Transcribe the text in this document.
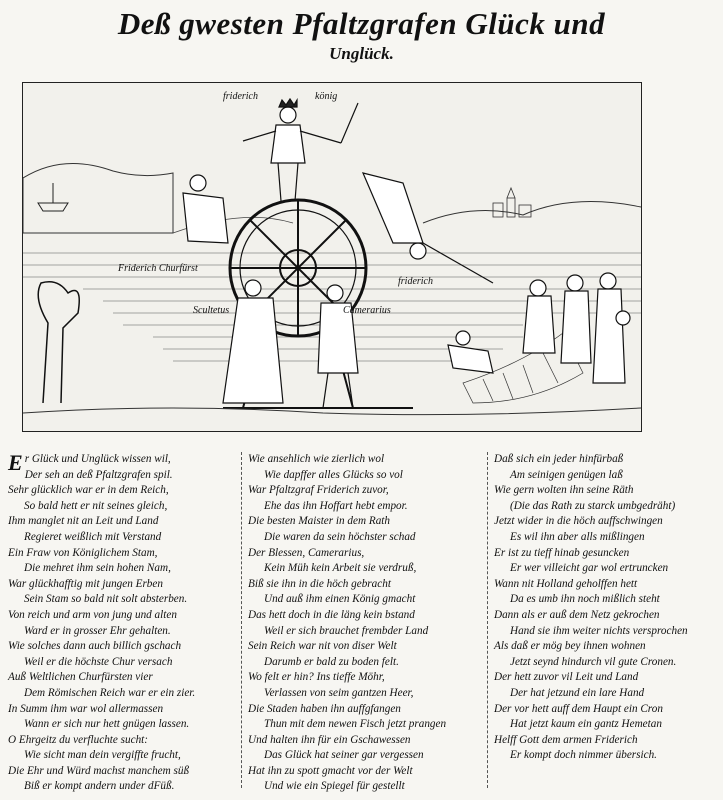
Deß gwesten Pfaltzgrafen Glück und
Unglück.
friderich	könig
Friderich Churfürst
friderich
Scultetus	Camerarius
Er Glück und Unglück wissen wil,
Der seh an deß Pfaltzgrafen spil.
Sehr glücklich war er in dem Reich,
So bald hett er nit seines gleich,
Ihm manglet nit an Leit und Land
Regieret weißlich mit Verstand
Ein Fraw von Königlichem Stam,
Die mehret ihm sein hohen Nam,
War glückhafftig mit jungen Erben
Sein Stam so bald nit solt absterben.
Von reich und arm von jung und alten
Ward er in grosser Ehr gehalten.
Wie solches dann auch billich gschach
Weil er die höchste Chur versach
Auß Weltlichen Churfürsten vier
Dem Römischen Reich war er ein zier.
In Summ ihm war wol allermassen
Wann er sich nur hett gnügen lassen.
O Ehrgeitz du verfluchte sucht:
Wie sicht man dein vergiffte frucht,
Die Ehr und Würd machst manchem süß
Biß er kompt andern under dFüß.
Wie ansehlich wie zierlich wol
Wie dapffer alles Glücks so vol
War Pfaltzgraf Friderich zuvor,
Ehe das ihn Hoffart hebt empor.
Die besten Maister in dem Rath
Die waren da sein höchster schad
Der Blessen, Camerarius,
Kein Müh kein Arbeit sie verdruß,
Biß sie ihn in die höch gebracht
Und auß ihm einen König gmacht
Das hett doch in die läng kein bstand
Weil er sich brauchet frembder Land
Sein Reich war nit von diser Welt
Darumb er bald zu boden felt.
Wo felt er hin? Ins tieffe Möhr,
Verlassen von seim gantzen Heer,
Die Staden haben ihn auffgfangen
Thun mit dem newen Fisch jetzt prangen
Und halten ihn für ein Gschawessen
Das Glück hat seiner gar vergessen
Hat ihn zu spott gmacht vor der Welt
Und wie ein Spiegel für gestellt
Daß sich ein jeder hinfürbaß
Am seinigen genügen laß
Wie gern wolten ihn seine Räth
(Die das Rath zu starck umbgedräht)
Jetzt wider in die höch auffschwingen
Es wil ihn aber alls mißlingen
Er ist zu tieff hinab gesuncken
Er wer villeicht gar wol ertruncken
Wann nit Holland geholffen hett
Da es umb ihn noch mißlich steht
Dann als er auß dem Netz gekrochen
Hand sie ihm weiter nichts versprochen
Als daß er mög bey ihnen wohnen
Jetzt seynd hindurch vil gute Cronen.
Der hett zuvor vil Leit und Land
Der hat jetzund ein lare Hand
Der vor hett auff dem Haupt ein Cron
Hat jetzt kaum ein gantz Hemetan
Helff Gott dem armen Friderich
Er kompt doch nimmer übersich.
